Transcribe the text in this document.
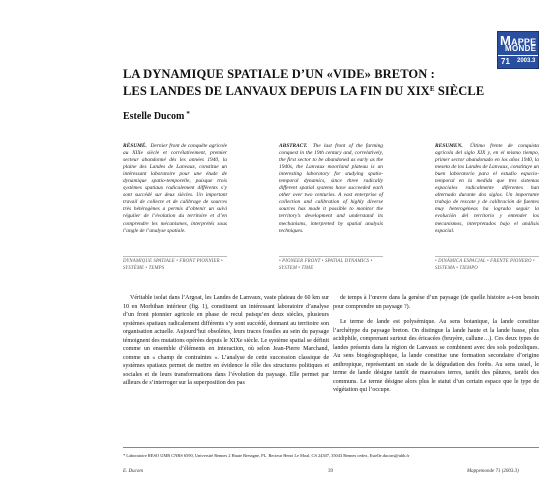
MAPPE
MONDE
71 2003.3
LA DYNAMIQUE SPATIALE D’UN «VIDE» BRETON :
LES LANDES DE LANVAUX DEPUIS LA FIN DU $XIX^E$ SIÈCLE
Estelle Ducom *
RÉSUMÉ. Dernier front de conquête agricole au XIXe siècle et corrélativement, premier secteur abandonné dès les années 1940, la plaine des Landes de Lanvaux, constitue un intéressant laboratoire pour une étude de dynamique spatio-temporelle, puisque trois systèmes spatiaux radicalement différents s’y sont succédé sur deux siècles. Un important travail de collecte et de calibrage de sources très hétérogènes a permis d’obtenir un suivi régulier de l’évolution du territoire et d’en comprendre les mécanismes, interprétés sous l’angle de l’analyse spatiale.
ABSTRACT. The last front of the farming conquest in the 19th century and, correlatively, the first sector to be abandoned as early as the 1940s, the Lanvaux moorland plateau is an interesting laboratory for studying spatio-temporal dynamics, since three radically different spatial systems have succeeded each other over two centuries. A vast enterprise of collection and calibration of highly diverse sources has made it possible to monitor the territory’s development and understand its mechanisms, interpreted by spatial analysis techniques.
RESUMEN. Último frente de conquista agrícola del siglo XIX y, en el mismo tiempo, primer sector abandonado en los años 1940, la meseta de los Landes de Lanvaux, constituye un buen laboratorio para el estudio espacio-temporal en la medida que tres sistemas espaciales radicalmente diferentes han alternado durante dos siglos. Un importante trabajo de rescate y de calibración de fuentes muy heterogéneas ha logrado seguir la evolución del territorio y entender los mecanismos, interpretados bajo el análisis espacial.
DYNAMIQUE SPATIALE • FRONT PIONNIER • SYSTÈME • TEMPS
• PIONEER FRONT • SPATIAL DYNAMICS • SYSTEM • TIME
• DINÁMICA ESPACIAL • FRENTE PIONERO • SISTEMA • TIEMPO

Véritable isolat dans l’Argoat, les Landes de Lanvaux, vaste plateau de 60 km sur 10 en Morbihan intérieur (fig. 1), constituent un intéressant laboratoire d’analyse d’un front pionnier agricole en phase de recul puisqu’en deux siècles, plusieurs systèmes spatiaux radicalement différents s’y sont succédé, donnant au territoire son organisation actuelle. Aujourd’hui obsolètes, leurs traces fossiles au sein du paysage témoignent des mutations opérées depuis le XIXe siècle. Le système spatial se définit comme un ensemble d’éléments en interaction, où selon Jean-Pierre Marchand, comme un « champ de contraintes ». L’analyse de cette succession classique de systèmes spatiaux permet de mettre en évidence le rôle des structures politiques et sociales et de leurs transformations dans l’évolution du paysage. Elle permet par ailleurs de s’interroger sur la superposition des pas

de temps à l’œuvre dans la genèse d’un paysage (de quelle histoire a-t-on besoin pour comprendre un paysage ?).

Le terme de lande est polysémique. Au sens botanique, la lande constitue l’archétype du paysage breton. On distingue la lande haute et la lande basse, plus acidiphile, comprenant surtout des éricacées (bruyère, callune…). Ces deux types de landes présents dans la région de Lanvaux se combinent avec des sols podzoliques. Au sens biogéographique, la lande constitue une formation secondaire d’origine anthropique, représentant un stade de la dégradation des forêts. Au sens usuel, le terme de lande désigne tantôt de mauvaises terres, tantôt des pâtures, tantôt des communs. Le terme désigne alors plus le statut d’un certain espace que le type de végétation qui l’occupe.

* Laboratoire RESO UMR CNRS 6590, Université Rennes 2 Haute Bretagne, PL. Recteur Henri Le Moal, CS 24307, 35043 Rennes cedex, Estelle.ducom@uhb.fr
E. Ducom	39	Mappemonde 71 (2003.3)
